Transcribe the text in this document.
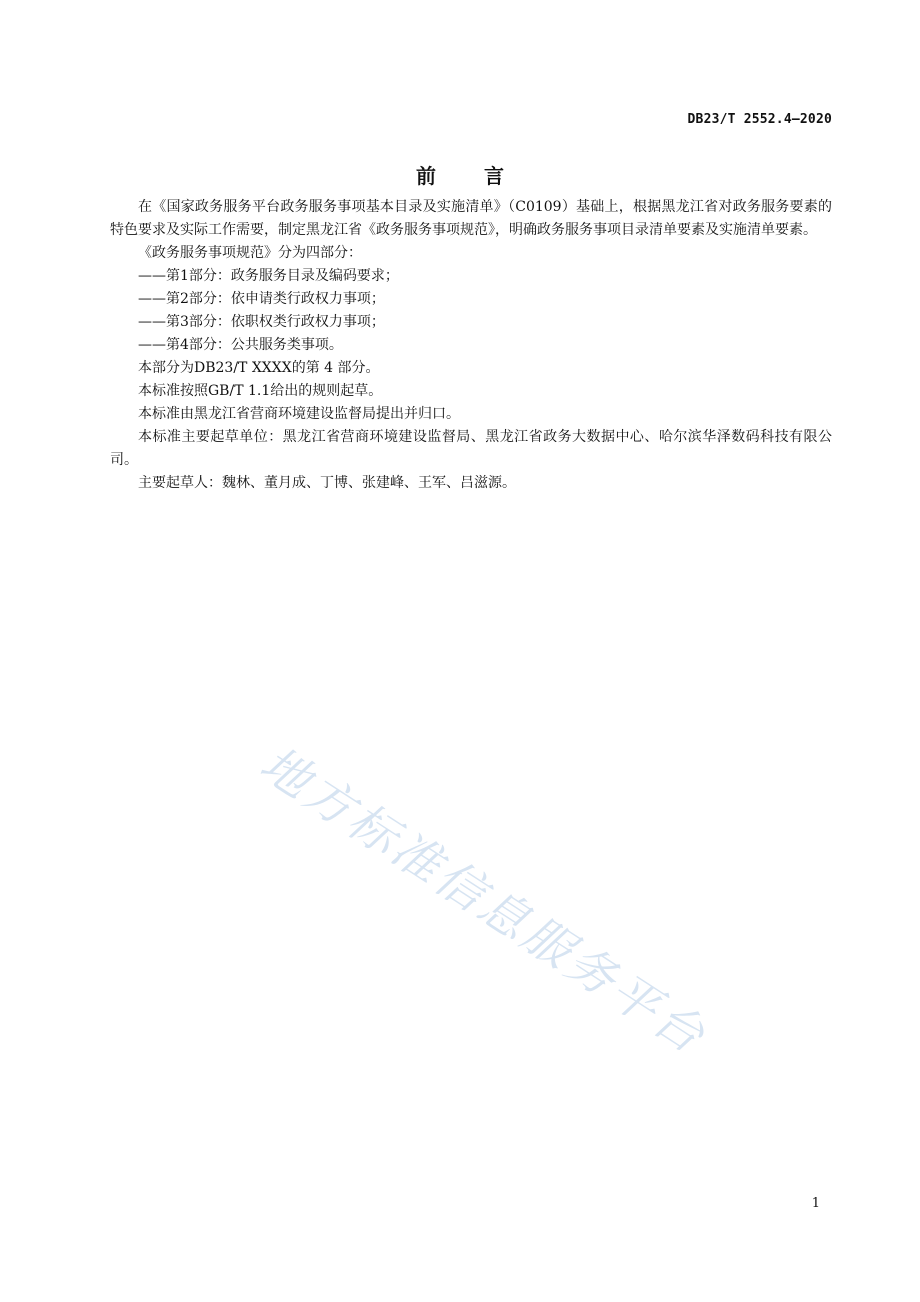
DB23/T 2552.4—2020
前言

在《国家政务服务平台政务服务事项基本目录及实施清单》（C0109）基础上，根据黑龙江省对政务服务要素的特色要求及实际工作需要，制定黑龙江省《政务服务事项规范》，明确政务服务事项目录清单要素及实施清单要素。

《政务服务事项规范》分为四部分：

——第1部分：政务服务目录及编码要求；

——第2部分：依申请类行政权力事项；

——第3部分：依职权类行政权力事项；

——第4部分：公共服务类事项。

本部分为DB23/T XXXX的第 4 部分。

本标准按照GB/T 1.1给出的规则起草。

本标准由黑龙江省营商环境建设监督局提出并归口。

本标准主要起草单位：黑龙江省营商环境建设监督局、黑龙江省政务大数据中心、哈尔滨华泽数码科技有限公司。

主要起草人：魏林、董月成、丁博、张建峰、王军、吕滋源。

地方标准信息服务平台
1
